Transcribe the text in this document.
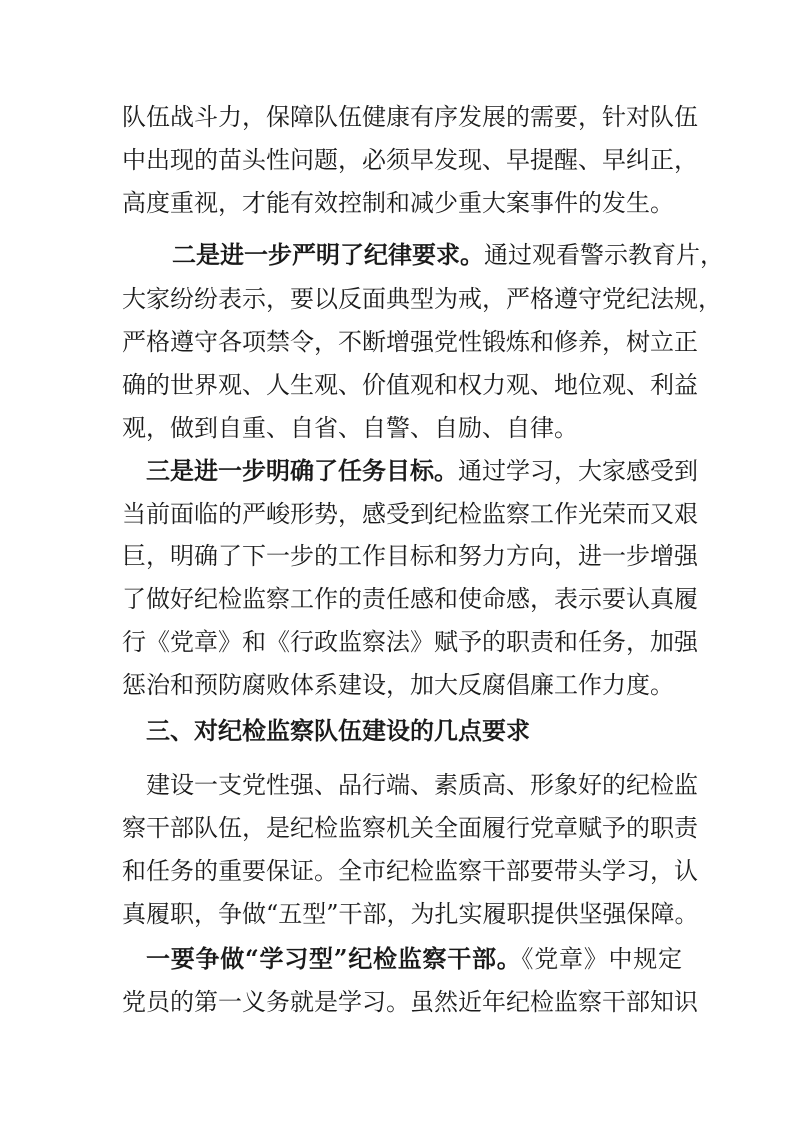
队伍战斗力，保障队伍健康有序发展的需要，针对队伍
中出现的苗头性问题，必须早发现、早提醒、早纠正，
高度重视，才能有效控制和减少重大案事件的发生。
二是进一步严明了纪律要求。通过观看警示教育片，
大家纷纷表示，要以反面典型为戒，严格遵守党纪法规，
严格遵守各项禁令，不断增强党性锻炼和修养，树立正
确的世界观、人生观、价值观和权力观、地位观、利益
观，做到自重、自省、自警、自励、自律。
三是进一步明确了任务目标。通过学习，大家感受到
当前面临的严峻形势，感受到纪检监察工作光荣而又艰
巨，明确了下一步的工作目标和努力方向，进一步增强
了做好纪检监察工作的责任感和使命感，表示要认真履
行《党章》和《行政监察法》赋予的职责和任务，加强
惩治和预防腐败体系建设，加大反腐倡廉工作力度。
三、对纪检监察队伍建设的几点要求
建设一支党性强、品行端、素质高、形象好的纪检监
察干部队伍，是纪检监察机关全面履行党章赋予的职责
和任务的重要保证。全市纪检监察干部要带头学习，认
真履职，争做“五型”干部，为扎实履职提供坚强保障。
一要争做“学习型”纪检监察干部。《党章》中规定
党员的第一义务就是学习。虽然近年纪检监察干部知识
